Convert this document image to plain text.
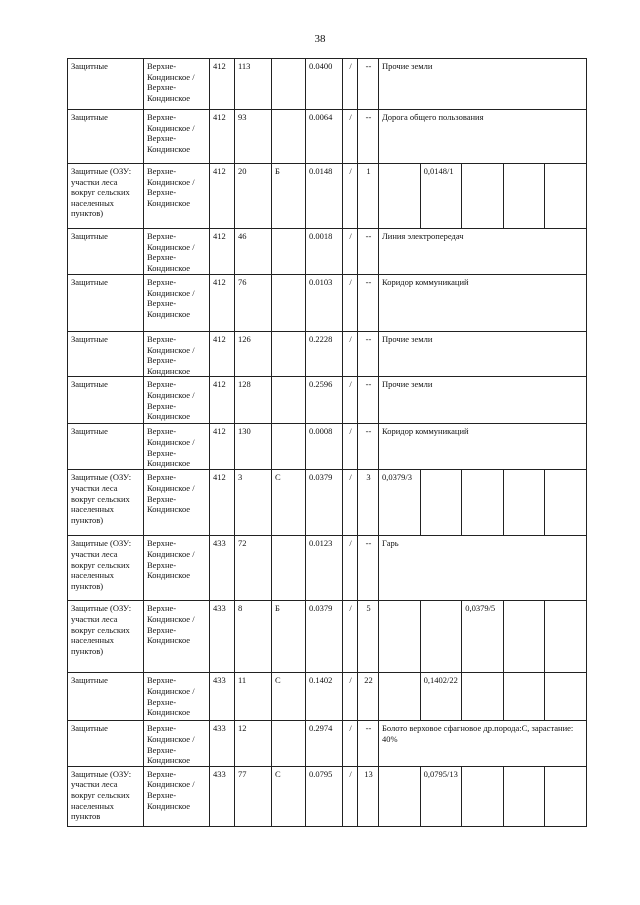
38
Защитные	Верхне-Кондинское / Верхне-Кондинское	412	113		0.0400	/	--	Прочие земли				
Защитные	Верхне-Кондинское / Верхне-Кондинское	412	93		0.0064	/	--	Дорога общего пользования				
Защитные (ОЗУ: участки леса вокруг сельских населенных пунктов)	Верхне-Кондинское / Верхне-Кондинское	412	20	Б	0.0148	/	1		0,0148/1			
Защитные	Верхне-Кондинское / Верхне-Кондинское	412	46		0.0018	/	--	Линия электропередач				
Защитные	Верхне-Кондинское / Верхне-Кондинское	412	76		0.0103	/	--	Коридор коммуникаций				
Защитные	Верхне-Кондинское / Верхне-Кондинское	412	126		0.2228	/	--	Прочие земли				
Защитные	Верхне-Кондинское / Верхне-Кондинское	412	128		0.2596	/	--	Прочие земли				
Защитные	Верхне-Кондинское / Верхне-Кондинское	412	130		0.0008	/	--	Коридор коммуникаций				
Защитные (ОЗУ: участки леса вокруг сельских населенных пунктов)	Верхне-Кондинское / Верхне-Кондинское	412	3	С	0.0379	/	3	0,0379/3				
Защитные (ОЗУ: участки леса вокруг сельских населенных пунктов)	Верхне-Кондинское / Верхне-Кондинское	433	72		0.0123	/	--	Гарь				
Защитные (ОЗУ: участки леса вокруг сельских населенных пунктов)	Верхне-Кондинское / Верхне-Кондинское	433	8	Б	0.0379	/	5			0,0379/5		
Защитные	Верхне-Кондинское / Верхне-Кондинское	433	11	С	0.1402	/	22		0,1402/22			
Защитные	Верхне-Кондинское / Верхне-Кондинское	433	12		0.2974	/	--	Болото верховое сфагновое др.порода:С, зарастание: 40%				
Защитные (ОЗУ: участки леса вокруг сельских населенных пунктов	Верхне-Кондинское / Верхне-Кондинское	433	77	С	0.0795	/	13		0,0795/13			
